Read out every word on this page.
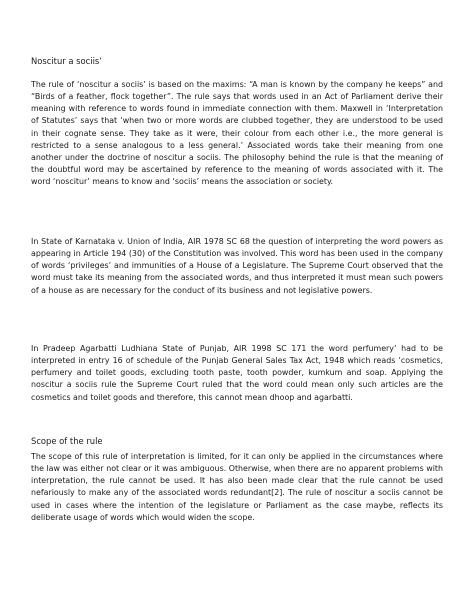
Noscitur a sociis’

The rule of ‘noscitur a sociis’ is based on the maxims: “A man is known by the company he keeps” and “Birds of a feather, flock together”. The rule says that words used in an Act of Parliament derive their meaning with reference to words found in immediate connection with them. Maxwell in ‘Interpretation of Statutes’ says that ‘when two or more words are clubbed together, they are understood to be used in their cognate sense. They take as it were, their colour from each other i.e., the more general is restricted to a sense analogous to a less general.’ Associated words take their meaning from one another under the doctrine of noscitur a sociis. The philosophy behind the rule is that the meaning of the doubtful word may be ascertained by reference to the meaning of words associated with it. The word ‘noscitur’ means to know and ‘sociis’ means the association or society.

In State of Karnataka v. Union of India, AIR 1978 SC 68 the question of interpreting the word powers as appearing in Article 194 (30) of the Constitution was involved. This word has been used in the company of words ‘privileges’ and immunities of a House of a Legislature. The Supreme Court observed that the word must take its meaning from the associated words, and thus interpreted it must mean such powers of a house as are necessary for the conduct of its business and not legislative powers.

In Pradeep Agarbatti Ludhiana State of Punjab, AIR 1998 SC 171 the word perfumery’ had to be interpreted in entry 16 of schedule of the Punjab General Sales Tax Act, 1948 which reads ‘cosmetics, perfumery and toilet goods, excluding tooth paste, tooth powder, kumkum and soap. Applying the noscitur a sociis rule the Supreme Court ruled that the word could mean only such articles are the cosmetics and toilet goods and therefore, this cannot mean dhoop and agarbatti.

Scope of the rule

The scope of this rule of interpretation is limited, for it can only be applied in the circumstances where the law was either not clear or it was ambiguous. Otherwise, when there are no apparent problems with interpretation, the rule cannot be used. It has also been made clear that the rule cannot be used nefariously to make any of the associated words redundant[2]. The rule of noscitur a sociis cannot be used in cases where the intention of the legislature or Parliament as the case maybe, reflects its deliberate usage of words which would widen the scope.
